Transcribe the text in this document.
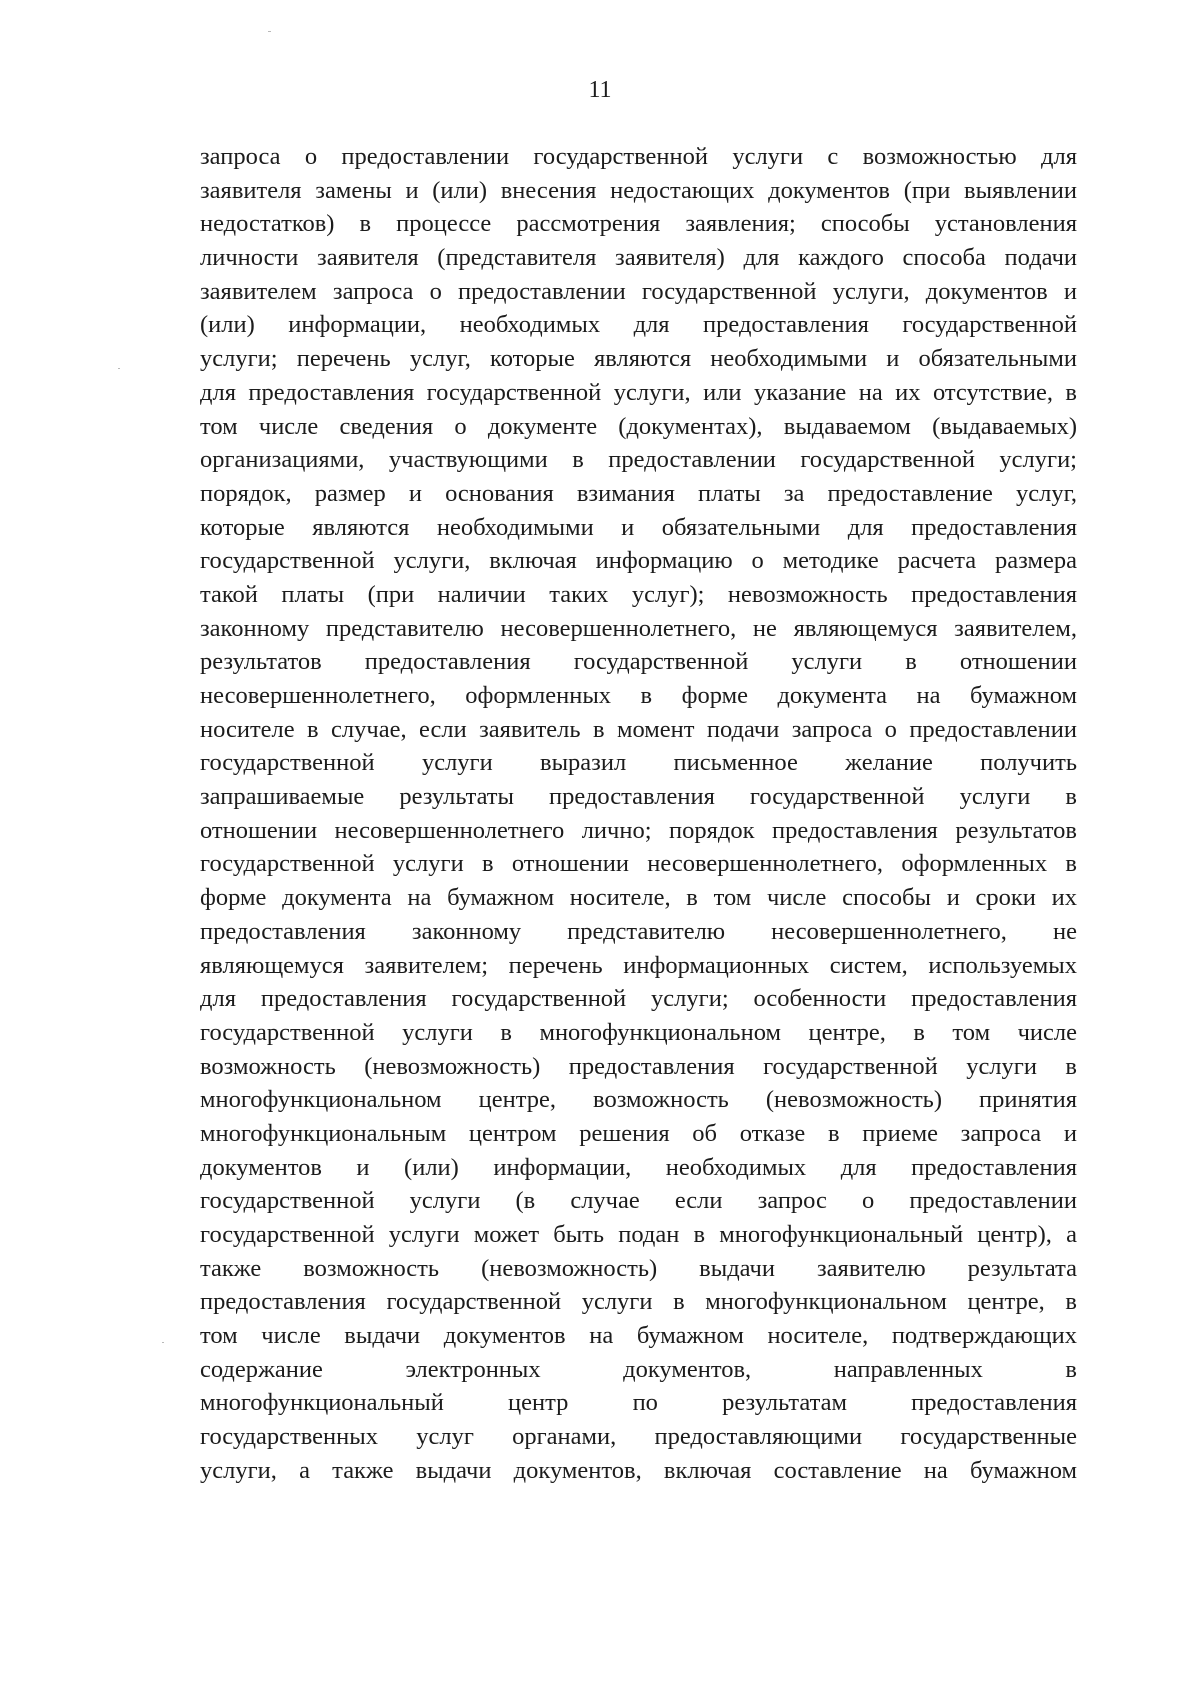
11
запроса о предоставлении государственной услуги с возможностью для
заявителя замены и (или) внесения недостающих документов (при выявлении
недостатков) в процессе рассмотрения заявления; способы установления
личности заявителя (представителя заявителя) для каждого способа подачи
заявителем запроса о предоставлении государственной услуги, документов и
(или) информации, необходимых для предоставления государственной
услуги; перечень услуг, которые являются необходимыми и обязательными
для предоставления государственной услуги, или указание на их отсутствие, в
том числе сведения о документе (документах), выдаваемом (выдаваемых)
организациями, участвующими в предоставлении государственной услуги;
порядок, размер и основания взимания платы за предоставление услуг,
которые являются необходимыми и обязательными для предоставления
государственной услуги, включая информацию о методике расчета размера
такой платы (при наличии таких услуг); невозможность предоставления
законному представителю несовершеннолетнего, не являющемуся заявителем,
результатов предоставления государственной услуги в отношении
несовершеннолетнего, оформленных в форме документа на бумажном
носителе в случае, если заявитель в момент подачи запроса о предоставлении
государственной услуги выразил письменное желание получить
запрашиваемые результаты предоставления государственной услуги в
отношении несовершеннолетнего лично; порядок предоставления результатов
государственной услуги в отношении несовершеннолетнего, оформленных в
форме документа на бумажном носителе, в том числе способы и сроки их
предоставления законному представителю несовершеннолетнего, не
являющемуся заявителем; перечень информационных систем, используемых
для предоставления государственной услуги; особенности предоставления
государственной услуги в многофункциональном центре, в том числе
возможность (невозможность) предоставления государственной услуги в
многофункциональном центре, возможность (невозможность) принятия
многофункциональным центром решения об отказе в приеме запроса и
документов и (или) информации, необходимых для предоставления
государственной услуги (в случае если запрос о предоставлении
государственной услуги может быть подан в многофункциональный центр), а
также возможность (невозможность) выдачи заявителю результата
предоставления государственной услуги в многофункциональном центре, в
том числе выдачи документов на бумажном носителе, подтверждающих
содержание электронных документов, направленных в
многофункциональный центр по результатам предоставления
государственных услуг органами, предоставляющими государственные
услуги, а также выдачи документов, включая составление на бумажном
